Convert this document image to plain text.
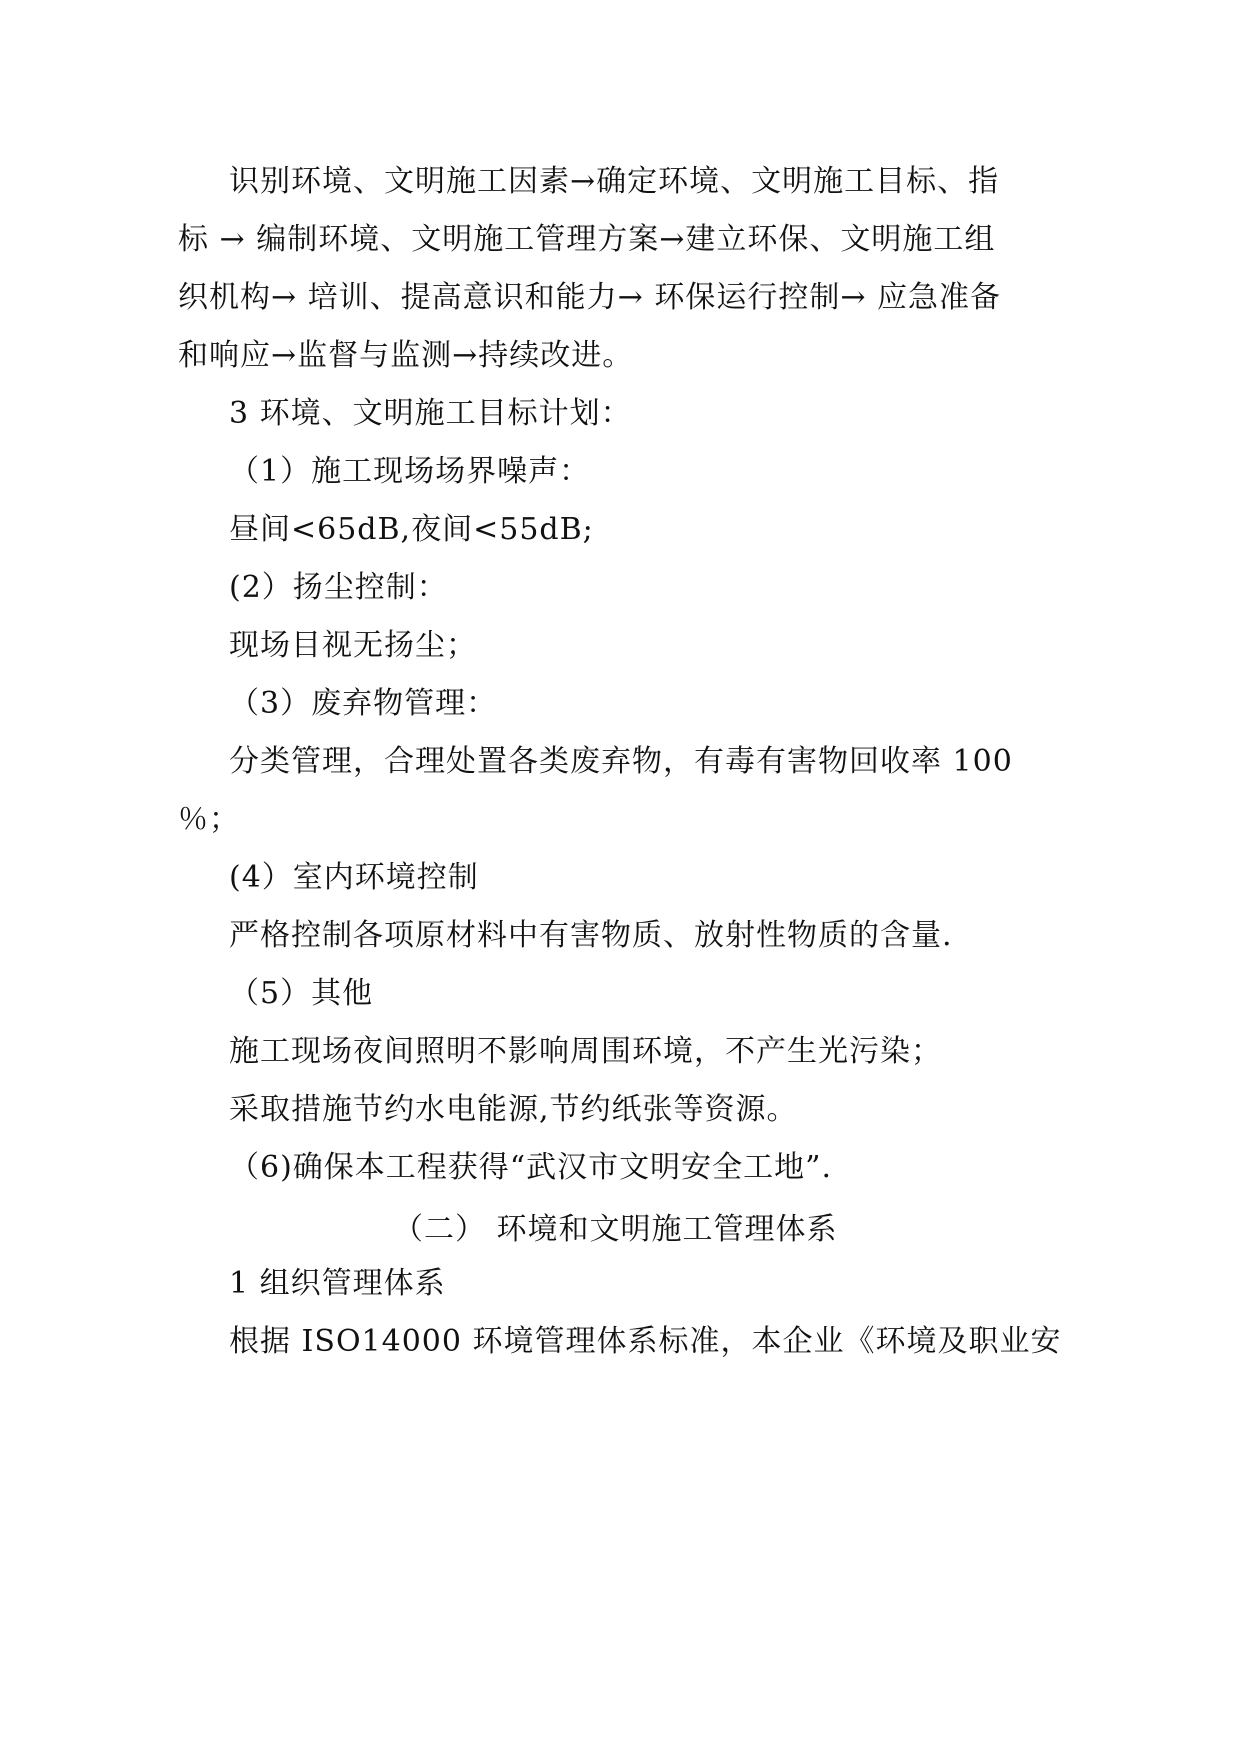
识别环境、文明施工因素→确定环境、文明施工目标、指
标 → 编制环境、文明施工管理方案→建立环保、文明施工组
织机构→ 培训、提高意识和能力→ 环保运行控制→ 应急准备
和响应→监督与监测→持续改进。
3 环境、文明施工目标计划：
（1）施工现场场界噪声：
昼间<65dB,夜间<55dB;
(2）扬尘控制：
现场目视无扬尘；
（3）废弃物管理：
分类管理，合理处置各类废弃物，有毒有害物回收率 100
％；
(4）室内环境控制
严格控制各项原材料中有害物质、放射性物质的含量.
（5）其他
施工现场夜间照明不影响周围环境，不产生光污染；
采取措施节约水电能源,节约纸张等资源。
（6)确保本工程获得“武汉市文明安全工地”.
（二） 环境和文明施工管理体系
1 组织管理体系
根据 ISO14000 环境管理体系标准，本企业《环境及职业安
